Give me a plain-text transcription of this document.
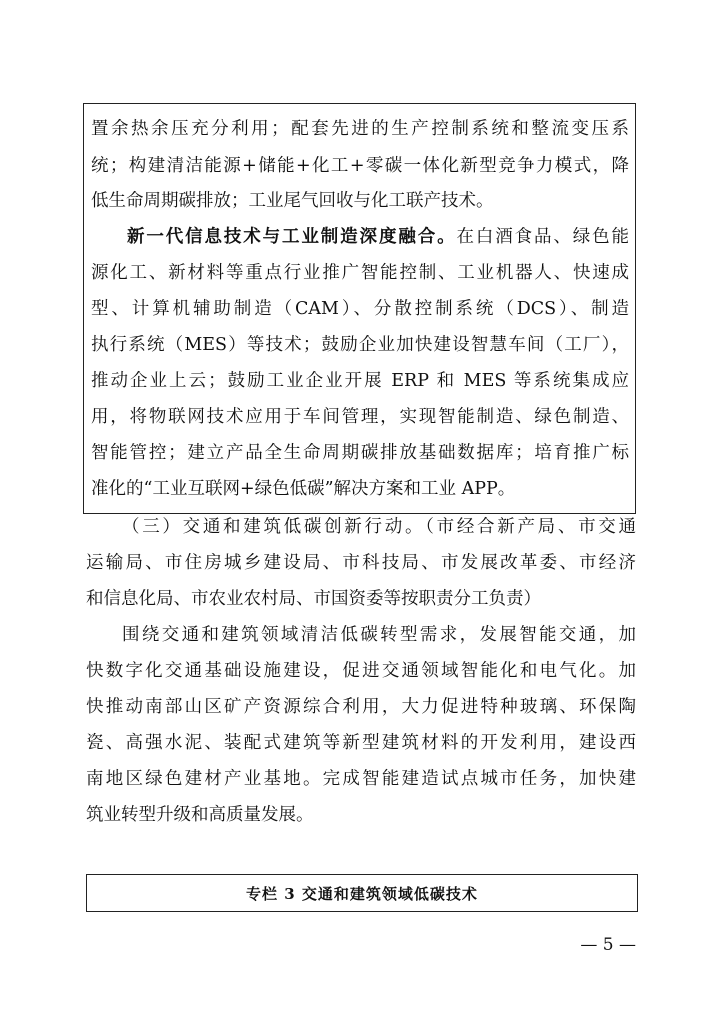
置余热余压充分利用；配套先进的生产控制系统和整流变压系
统；构建清洁能源+储能+化工+零碳一体化新型竞争力模式，降
低生命周期碳排放；工业尾气回收与化工联产技术。
新一代信息技术与工业制造深度融合。在白酒食品、绿色能
源化工、新材料等重点行业推广智能控制、工业机器人、快速成
型、计算机辅助制造（CAM）、分散控制系统（DCS）、制造
执行系统（MES）等技术；鼓励企业加快建设智慧车间（工厂），
推动企业上云；鼓励工业企业开展 ERP 和 MES 等系统集成应
用，将物联网技术应用于车间管理，实现智能制造、绿色制造、
智能管控；建立产品全生命周期碳排放基础数据库；培育推广标
准化的“工业互联网+绿色低碳”解决方案和工业 APP。
（三）交通和建筑低碳创新行动。（市经合新产局、市交通
运输局、市住房城乡建设局、市科技局、市发展改革委、市经济
和信息化局、市农业农村局、市国资委等按职责分工负责）
围绕交通和建筑领域清洁低碳转型需求，发展智能交通，加
快数字化交通基础设施建设，促进交通领域智能化和电气化。加
快推动南部山区矿产资源综合利用，大力促进特种玻璃、环保陶
瓷、高强水泥、装配式建筑等新型建筑材料的开发利用，建设西
南地区绿色建材产业基地。完成智能建造试点城市任务，加快建
筑业转型升级和高质量发展。
专栏 3 交通和建筑领域低碳技术
— 5 —
